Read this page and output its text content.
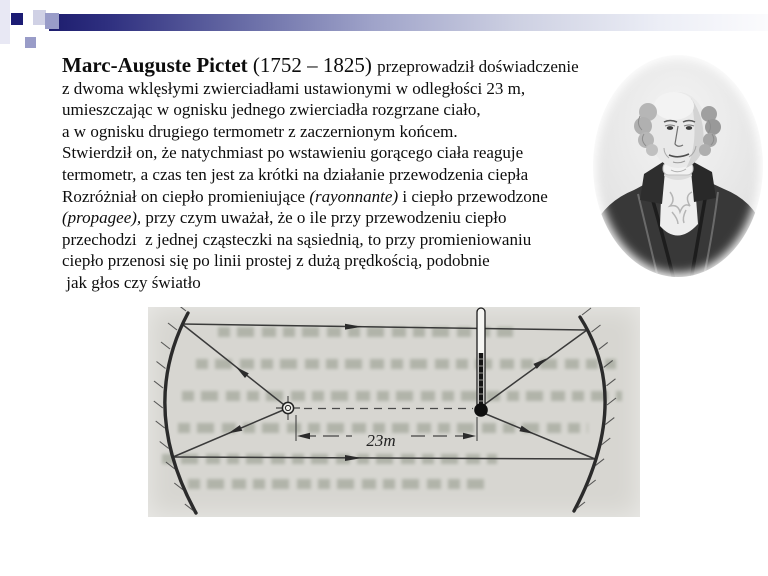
Marc-Auguste Pictet (1752 – 1825) przeprowadził doświadczenie
z dwoma wklęsłymi zwierciadłami ustawionymi w odległości 23 m,
umieszczając w ognisku jednego zwierciadła rozgrzane ciało,
a w ognisku drugiego termometr z zaczernionym końcem.
Stwierdził on, że natychmiast po wstawieniu gorącego ciała reaguje
termometr, a czas ten jest za krótki na działanie przewodzenia ciepła
Rozróżniał on ciepło promieniujące (rayonnante) i ciepło przewodzone
(propagee), przy czym uważał, że o ile przy przewodzeniu ciepło
przechodzi  z jednej cząsteczki na sąsiednią, to przy promieniowaniu
ciepło przenosi się po linii prostej z dużą prędkością, podobnie
jak głos czy światło
23m
